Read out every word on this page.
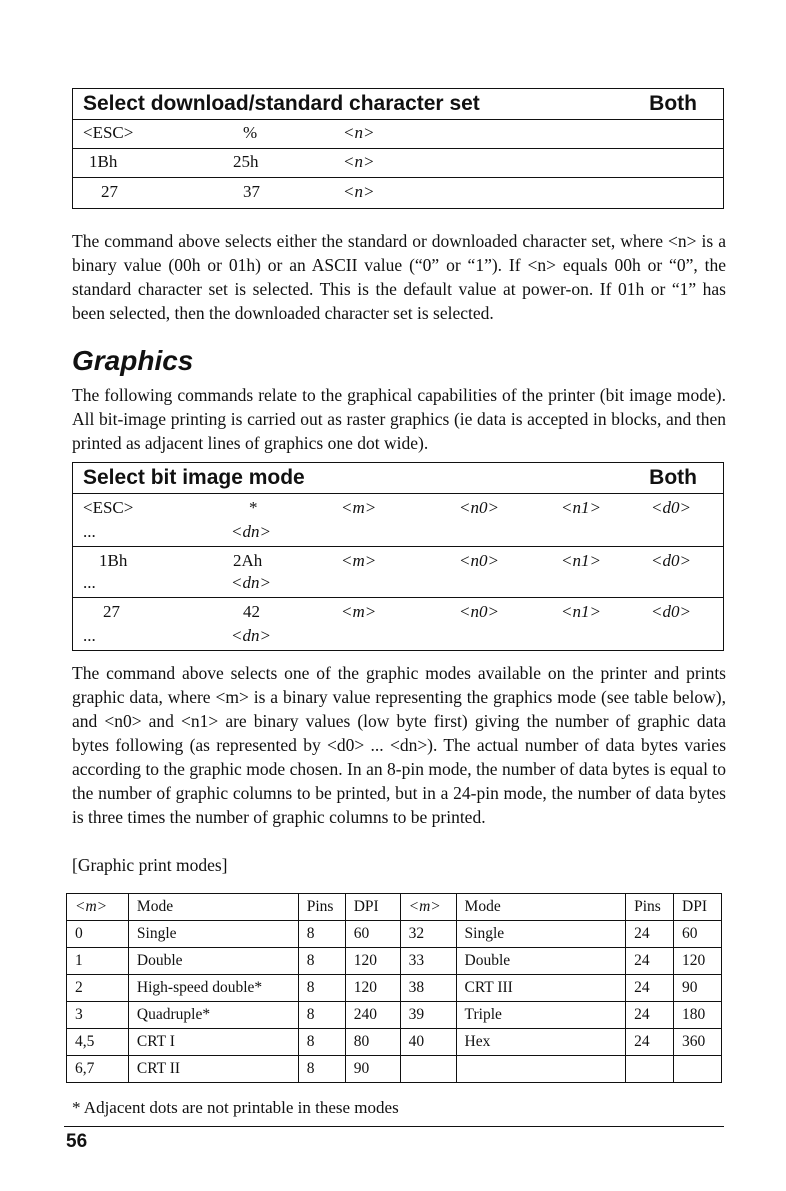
Select download/standard character set	Both
<ESC>	%	<n>
1Bh	25h	<n>
27	37	<n>

The command above selects either the standard or downloaded character set, where <n> is a binary value (00h or 01h) or an ASCII value (“0” or “1”). If <n> equals 00h or “0”, the standard character set is selected. This is the default value at power-on. If 01h or “1” has been selected, then the downloaded character set is selected.

Graphics

The following commands relate to the graphical capabilities of the printer (bit image mode). All bit-image printing is carried out as raster graphics (ie data is accepted in blocks, and then printed as adjacent lines of graphics one dot wide).

Select bit image mode	Both
<ESC>	*	<m>	<n0>	<n1>	<d0>
...	<dn>
1Bh	2Ah	<m>	<n0>	<n1>	<d0>
...	<dn>
27	42	<m>	<n0>	<n1>	<d0>
...	<dn>

The command above selects one of the graphic modes available on the printer and prints graphic data, where <m> is a binary value representing the graphics mode (see table below), and <n0> and <n1> are binary values (low byte first) giving the number of graphic data bytes following (as represented by <d0> ... <dn>). The actual number of data bytes varies according to the graphic mode chosen. In an 8-pin mode, the number of data bytes is equal to the number of graphic columns to be printed, but in a 24-pin mode, the number of data bytes is three times the number of graphic columns to be printed.

[Graphic print modes]

<m>	Mode	Pins	DPI	<m>	Mode	Pins	DPI
0	Single	8	60	32	Single	24	60
1	Double	8	120	33	Double	24	120
2	High-speed double*	8	120	38	CRT III	24	90
3	Quadruple*	8	240	39	Triple	24	180
4,5	CRT I	8	80	40	Hex	24	360
6,7	CRT II	8	90				
* Adjacent dots are not printable in these modes
56
